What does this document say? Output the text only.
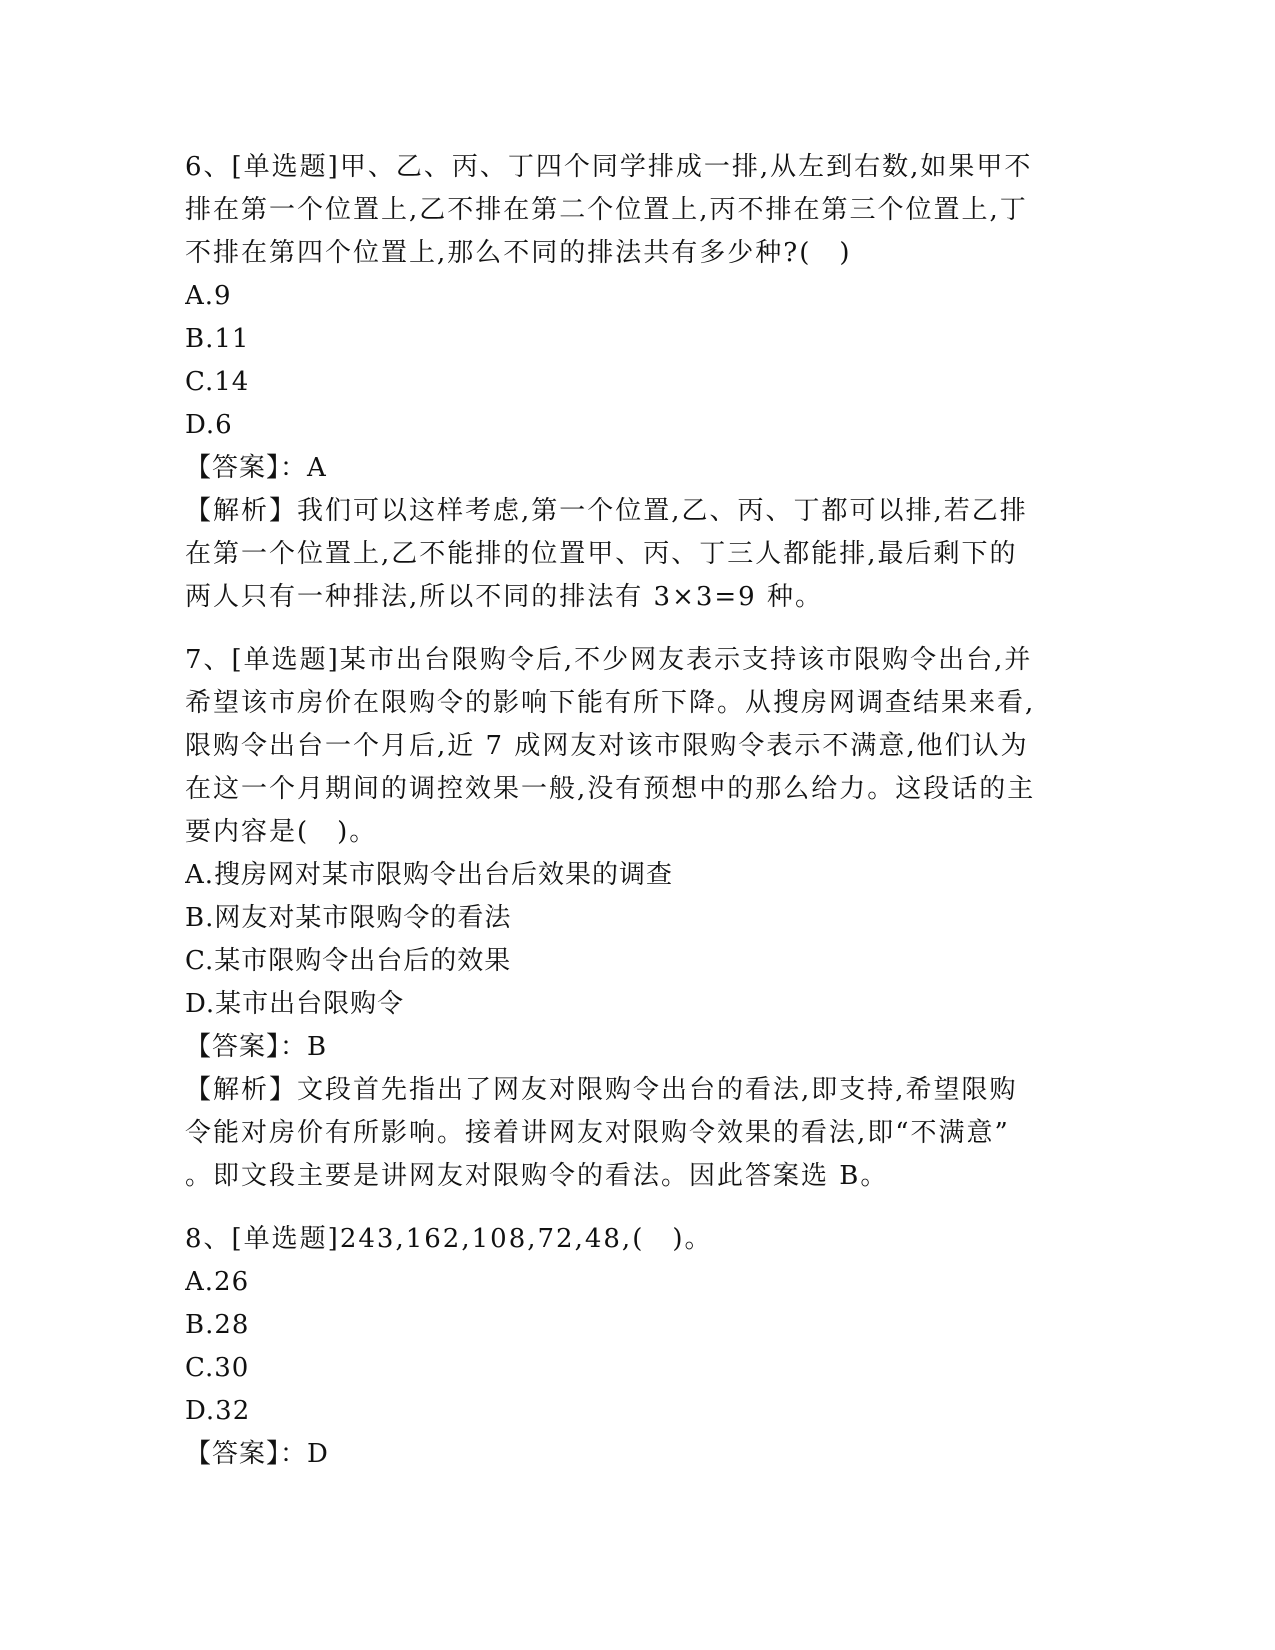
6、[单选题]甲、乙、丙、丁四个同学排成一排,从左到右数,如果甲不

排在第一个位置上,乙不排在第二个位置上,丙不排在第三个位置上,丁

不排在第四个位置上,那么不同的排法共有多少种?(　)

A.9

B.11

C.14

D.6

【答案】：A

【解析】我们可以这样考虑,第一个位置,乙、丙、丁都可以排,若乙排

在第一个位置上,乙不能排的位置甲、丙、丁三人都能排,最后剩下的

两人只有一种排法,所以不同的排法有 3×3=9 种。

7、[单选题]某市出台限购令后,不少网友表示支持该市限购令出台,并

希望该市房价在限购令的影响下能有所下降。从搜房网调查结果来看,

限购令出台一个月后,近 7 成网友对该市限购令表示不满意,他们认为

在这一个月期间的调控效果一般,没有预想中的那么给力。这段话的主

要内容是(　)。

A.搜房网对某市限购令出台后效果的调查

B.网友对某市限购令的看法

C.某市限购令出台后的效果

D.某市出台限购令

【答案】：B

【解析】文段首先指出了网友对限购令出台的看法,即支持,希望限购

令能对房价有所影响。接着讲网友对限购令效果的看法,即“不满意”

。即文段主要是讲网友对限购令的看法。因此答案选 B。

8、[单选题]243,162,108,72,48,(　)。

A.26

B.28

C.30

D.32

【答案】：D
